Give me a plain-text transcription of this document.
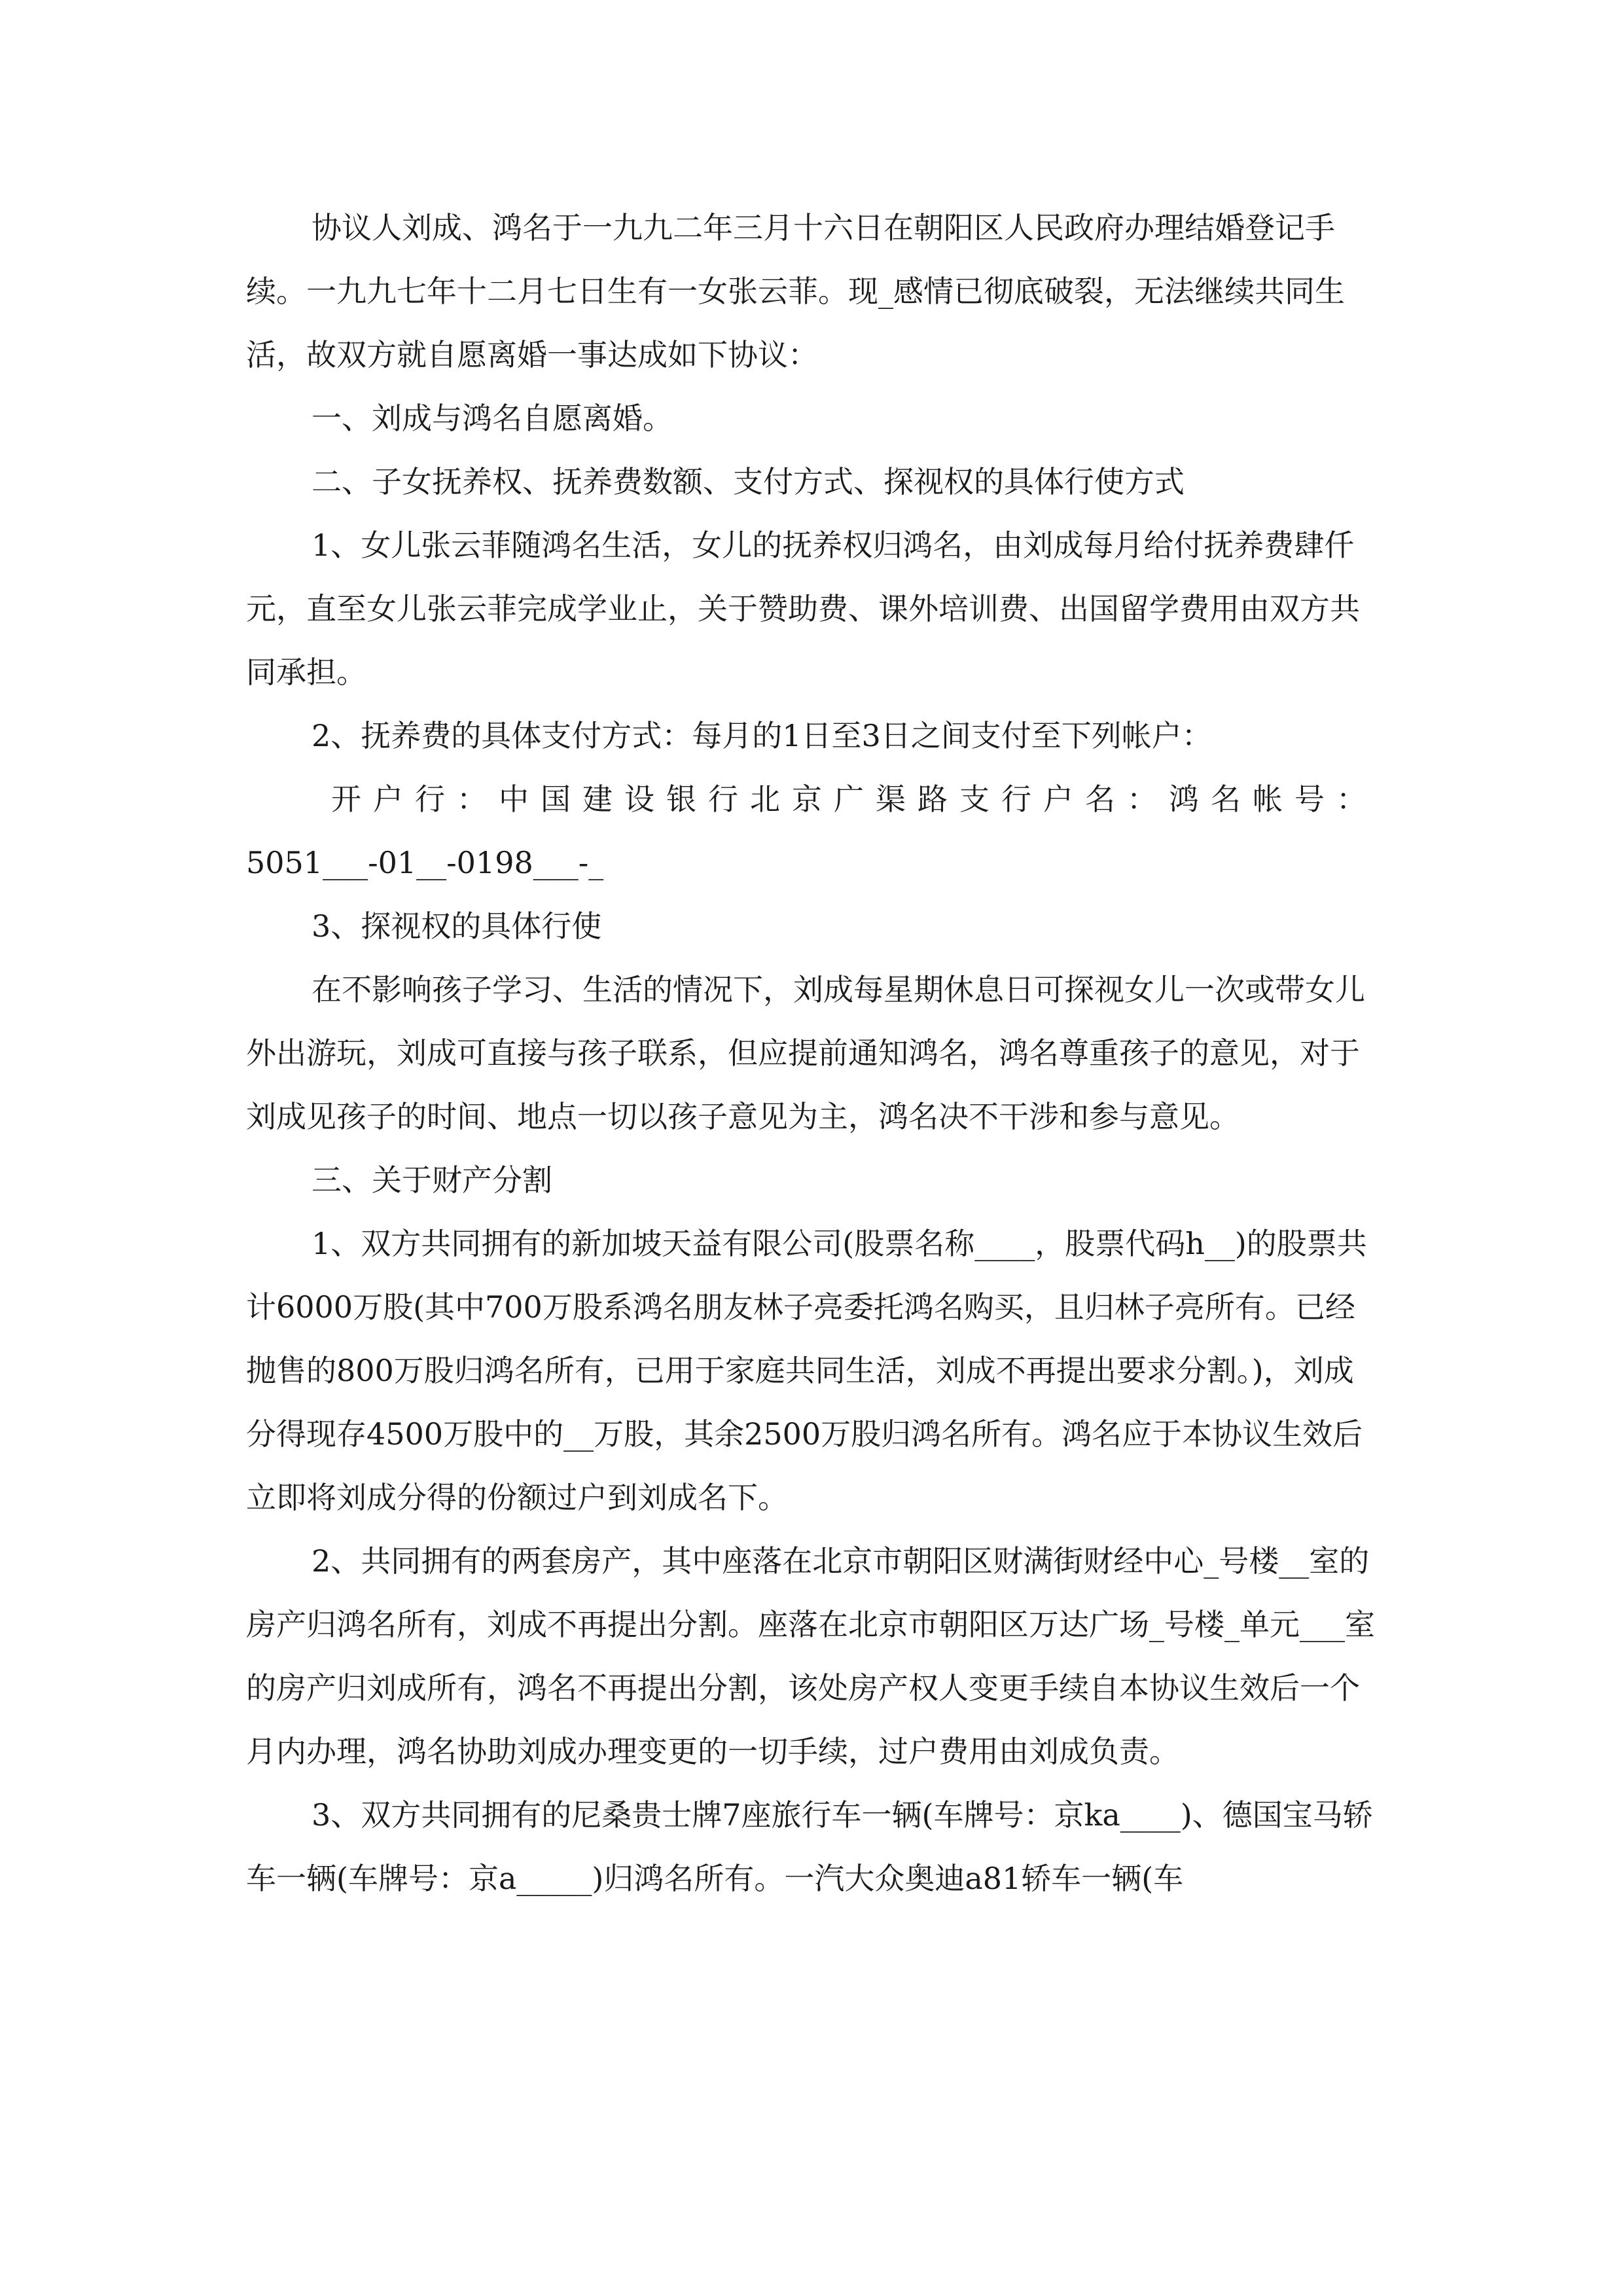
协议人刘成、鸿名于一九九二年三月十六日在朝阳区人民政府办理结婚登记手续。一九九七年十二月七日生有一女张云菲。现_感情已彻底破裂，无法继续共同生活，故双方就自愿离婚一事达成如下协议：

一、刘成与鸿名自愿离婚。

二、子女抚养权、抚养费数额、支付方式、探视权的具体行使方式

1、女儿张云菲随鸿名生活，女儿的抚养权归鸿名，由刘成每月给付抚养费肆仟元，直至女儿张云菲完成学业止，关于赞助费、课外培训费、出国留学费用由双方共同承担。

2、抚养费的具体支付方式：每月的1日至3日之间支付至下列帐户：

开户行：中国建设银行北京广渠路支行户名：鸿名帐号：

5051___-01__-0198___-_

3、探视权的具体行使

在不影响孩子学习、生活的情况下，刘成每星期休息日可探视女儿一次或带女儿外出游玩，刘成可直接与孩子联系，但应提前通知鸿名，鸿名尊重孩子的意见，对于刘成见孩子的时间、地点一切以孩子意见为主，鸿名决不干涉和参与意见。

三、关于财产分割

1、双方共同拥有的新加坡天益有限公司(股票名称____，股票代码h__)的股票共计6000万股(其中700万股系鸿名朋友林子亮委托鸿名购买，且归林子亮所有。已经抛售的800万股归鸿名所有，已用于家庭共同生活，刘成不再提出要求分割。)，刘成分得现存4500万股中的__万股，其余2500万股归鸿名所有。鸿名应于本协议生效后立即将刘成分得的份额过户到刘成名下。

2、共同拥有的两套房产，其中座落在北京市朝阳区财满街财经中心_号楼__室的房产归鸿名所有，刘成不再提出分割。座落在北京市朝阳区万达广场_号楼_单元___室的房产归刘成所有，鸿名不再提出分割，该处房产权人变更手续自本协议生效后一个月内办理，鸿名协助刘成办理变更的一切手续，过户费用由刘成负责。

3、双方共同拥有的尼桑贵士牌7座旅行车一辆(车牌号：京ka____)、德国宝马轿车一辆(车牌号：京a_____)归鸿名所有。一汽大众奥迪a81轿车一辆(车
